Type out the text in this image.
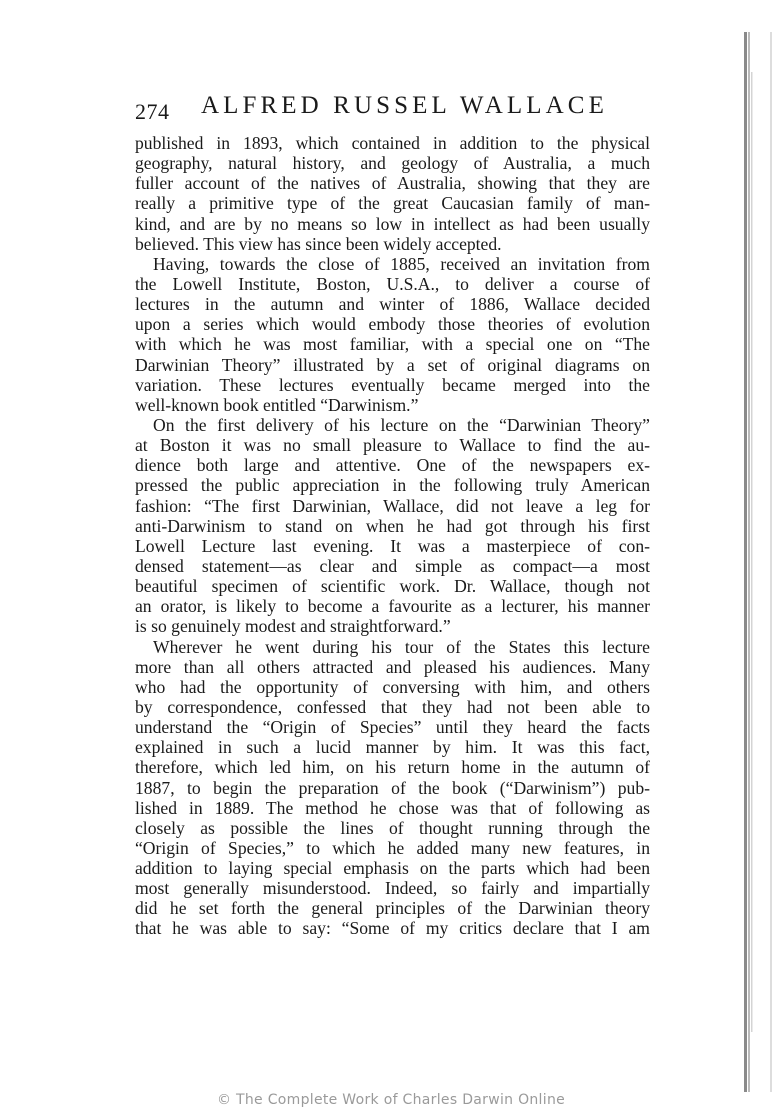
274 ALFRED RUSSEL WALLACE
published in 1893, which contained in addition to the physical
geography, natural history, and geology of Australia, a much
fuller account of the natives of Australia, showing that they are
really a primitive type of the great Caucasian family of man-
kind, and are by no means so low in intellect as had been usually
believed. This view has since been widely accepted.
Having, towards the close of 1885, received an invitation from
the Lowell Institute, Boston, U.S.A., to deliver a course of
lectures in the autumn and winter of 1886, Wallace decided
upon a series which would embody those theories of evolution
with which he was most familiar, with a special one on “The
Darwinian Theory” illustrated by a set of original diagrams on
variation. These lectures eventually became merged into the
well-known book entitled “Darwinism.”
On the first delivery of his lecture on the “Darwinian Theory”
at Boston it was no small pleasure to Wallace to find the au-
dience both large and attentive. One of the newspapers ex-
pressed the public appreciation in the following truly American
fashion: “The first Darwinian, Wallace, did not leave a leg for
anti-Darwinism to stand on when he had got through his first
Lowell Lecture last evening. It was a masterpiece of con-
densed statement—as clear and simple as compact—a most
beautiful specimen of scientific work. Dr. Wallace, though not
an orator, is likely to become a favourite as a lecturer, his manner
is so genuinely modest and straightforward.”
Wherever he went during his tour of the States this lecture
more than all others attracted and pleased his audiences. Many
who had the opportunity of conversing with him, and others
by correspondence, confessed that they had not been able to
understand the “Origin of Species” until they heard the facts
explained in such a lucid manner by him. It was this fact,
therefore, which led him, on his return home in the autumn of
1887, to begin the preparation of the book (“Darwinism”) pub-
lished in 1889. The method he chose was that of following as
closely as possible the lines of thought running through the
“Origin of Species,” to which he added many new features, in
addition to laying special emphasis on the parts which had been
most generally misunderstood. Indeed, so fairly and impartially
did he set forth the general principles of the Darwinian theory
that he was able to say: “Some of my critics declare that I am
© The Complete Work of Charles Darwin Online
